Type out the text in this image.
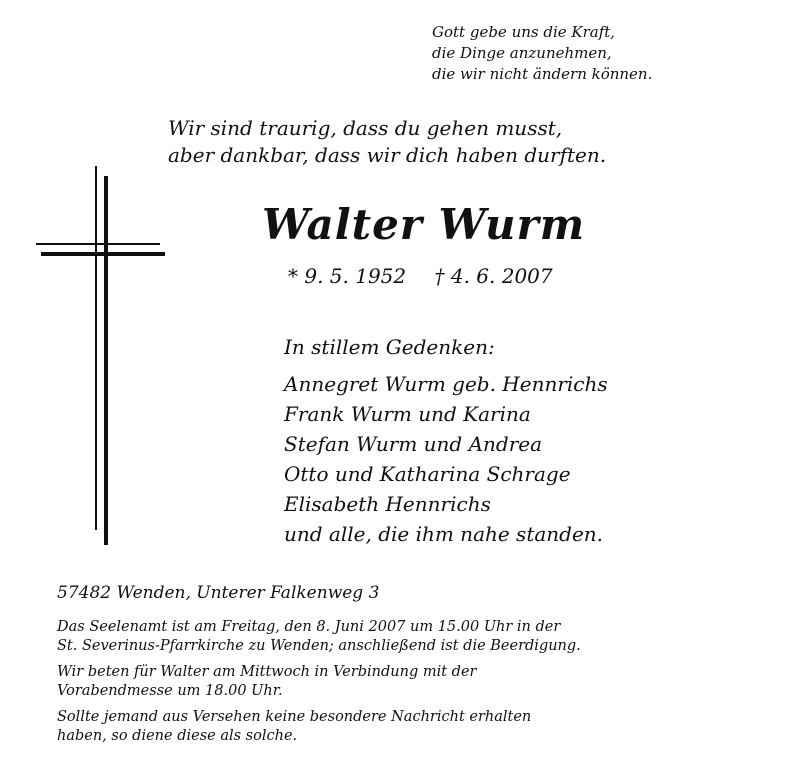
Gott gebe uns die Kraft,
die Dinge anzunehmen,
die wir nicht ändern können.
Wir sind traurig, dass du gehen musst,
aber dankbar, dass wir dich haben durften.
Walter Wurm
* 9. 5. 1952 † 4. 6. 2007
In stillem Gedenken:
Annegret Wurm geb. Hennrichs
Frank Wurm und Karina
Stefan Wurm und Andrea
Otto und Katharina Schrage
Elisabeth Hennrichs
und alle, die ihm nahe standen.
57482 Wenden, Unterer Falkenweg 3

Das Seelenamt ist am Freitag, den 8. Juni 2007 um 15.00 Uhr in der
St. Severinus-Pfarrkirche zu Wenden; anschließend ist die Beerdigung.

Wir beten für Walter am Mittwoch in Verbindung mit der
Vorabendmesse um 18.00 Uhr.

Sollte jemand aus Versehen keine besondere Nachricht erhalten
haben, so diene diese als solche.
